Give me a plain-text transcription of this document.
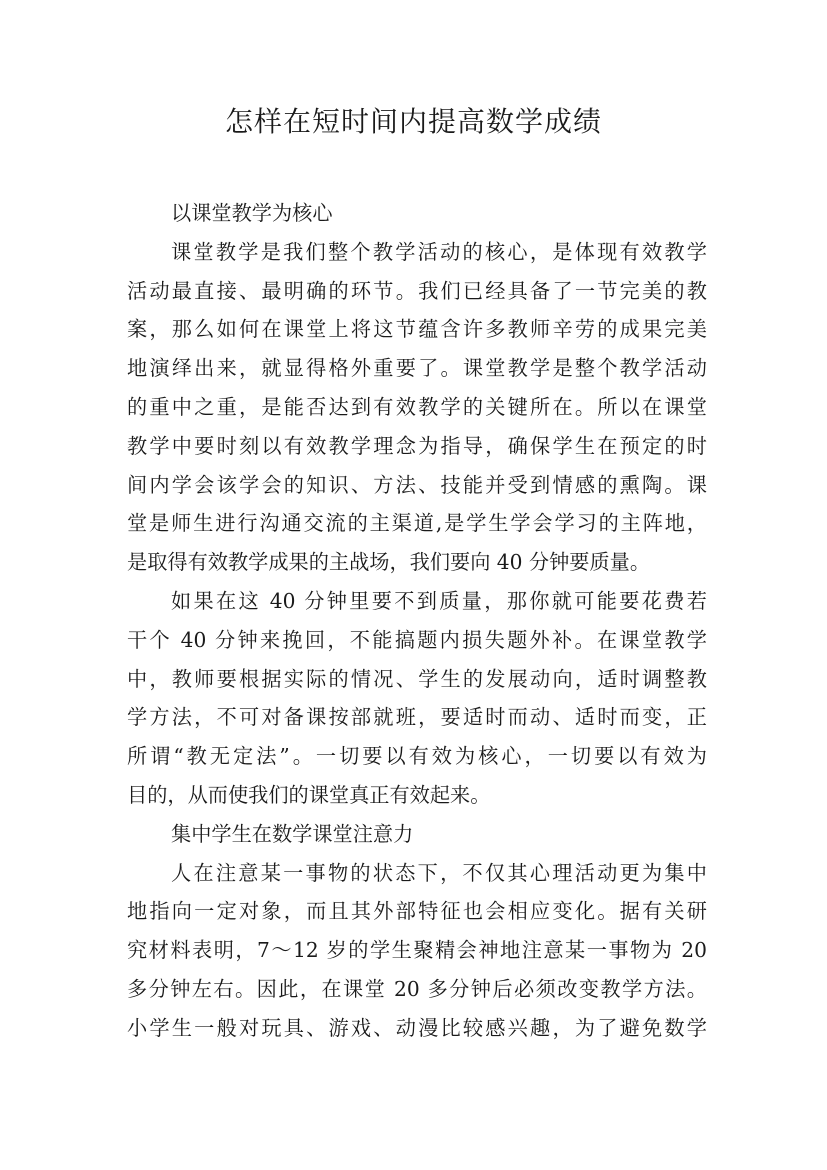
怎样在短时间内提高数学成绩
以课堂教学为核心
课堂教学是我们整个教学活动的核心，是体现有效教学
活动最直接、最明确的环节。我们已经具备了一节完美的教
案，那么如何在课堂上将这节蕴含许多教师辛劳的成果完美
地演绎出来，就显得格外重要了。课堂教学是整个教学活动
的重中之重，是能否达到有效教学的关键所在。所以在课堂
教学中要时刻以有效教学理念为指导，确保学生在预定的时
间内学会该学会的知识、方法、技能并受到情感的熏陶。课
堂是师生进行沟通交流的主渠道,是学生学会学习的主阵地，
是取得有效教学成果的主战场，我们要向 40 分钟要质量。
如果在这 40 分钟里要不到质量，那你就可能要花费若
干个 40 分钟来挽回，不能搞题内损失题外补。在课堂教学
中，教师要根据实际的情况、学生的发展动向，适时调整教
学方法，不可对备课按部就班，要适时而动、适时而变，正
所谓“教无定法”。一切要以有效为核心，一切要以有效为
目的，从而使我们的课堂真正有效起来。
集中学生在数学课堂注意力
人在注意某一事物的状态下，不仅其心理活动更为集中
地指向一定对象，而且其外部特征也会相应变化。据有关研
究材料表明，7～12 岁的学生聚精会神地注意某一事物为 20
多分钟左右。因此，在课堂 20 多分钟后必须改变教学方法。
小学生一般对玩具、游戏、动漫比较感兴趣，为了避免数学
